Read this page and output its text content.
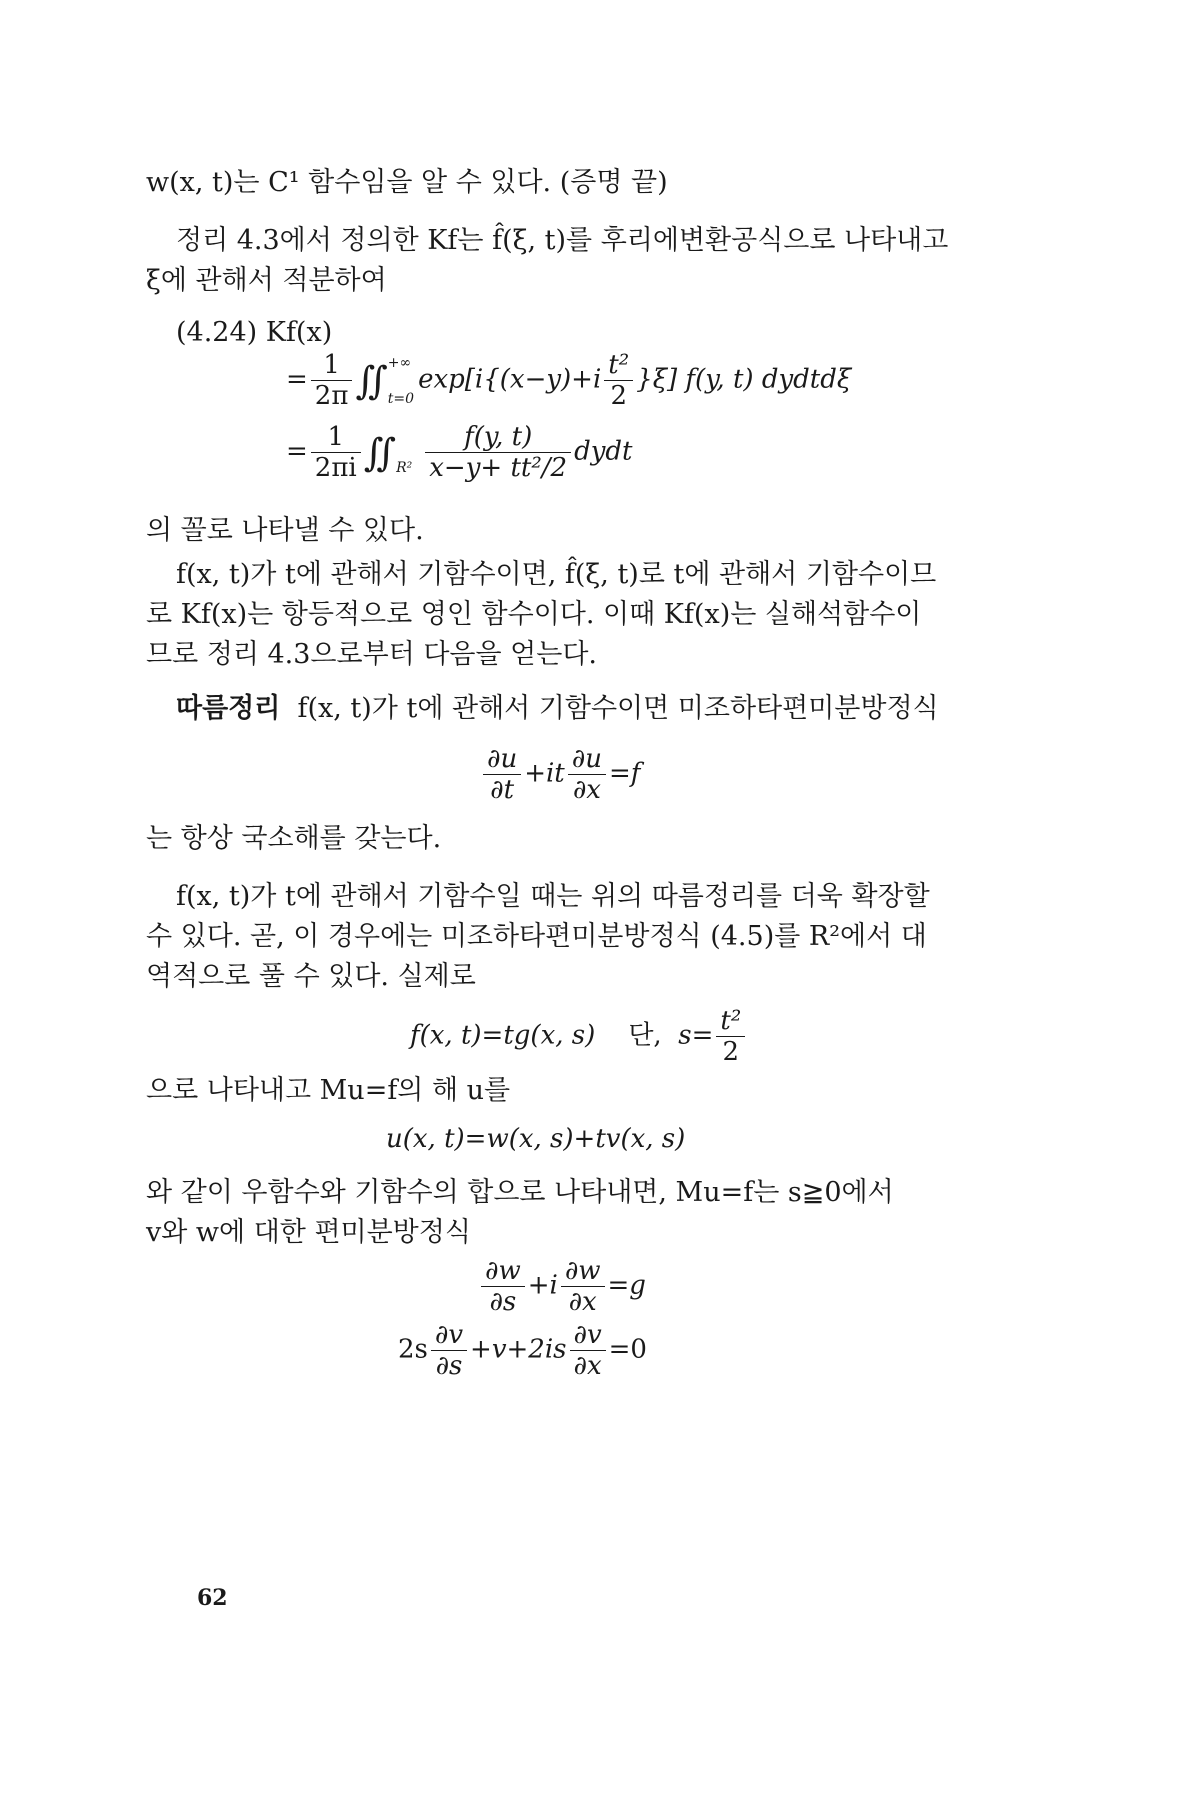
w(x, t)는 C¹ 함수임을 알 수 있다. (증명 끝)
정리 4.3에서 정의한 Kf는 f̂(ξ, t)를 후리에변환공식으로 나타내고
ξ에 관해서 적분하여
(4.24) Kf(x)
= $\frac{1}{2\pi}$ ∬ +∞
t=0
$\exp[i\{(x-y)+i \frac{\text{t²}}{2} \}\xi]$ f(y, t) dydtdξ
= $\frac{1}{2\pi i}$ ∬R² $\frac{f(y, t)}{\text{x−y+ tt²/2}}$ dydt
의 꼴로 나타낼 수 있다.
f(x, t)가 t에 관해서 기함수이면, f̂(ξ, t)로 t에 관해서 기함수이므
로 Kf(x)는 항등적으로 영인 함수이다. 이때 Kf(x)는 실해석함수이
므로 정리 4.3으로부터 다음을 얻는다.
따름정리 f(x, t)가 t에 관해서 기함수이면 미조하타편미분방정식
$\frac{\partial u}{\partial t} +it \frac{\partial u}{\partial x} =f$
는 항상 국소해를 갖는다.
f(x, t)가 t에 관해서 기함수일 때는 위의 따름정리를 더욱 확장할
수 있다. 곧, 이 경우에는 미조하타편미분방정식 (4.5)를 R²에서 대
역적으로 풀 수 있다. 실제로
f(x, t)=tg(x, s) 단, $s= \frac{\text{t²}}{2}$
으로 나타내고 Mu=f의 해 u를
u(x, t)=w(x, s)+tv(x, s)
와 같이 우함수와 기함수의 합으로 나타내면, Mu=f는 s≧0에서
v와 w에 대한 편미분방정식
$\frac{\partial w}{\partial s} +i \frac{\partial w}{\partial x} =g$
$2s \frac{\partial v}{\partial s} +v+2is \frac{\partial v}{\partial x} =0$
62
